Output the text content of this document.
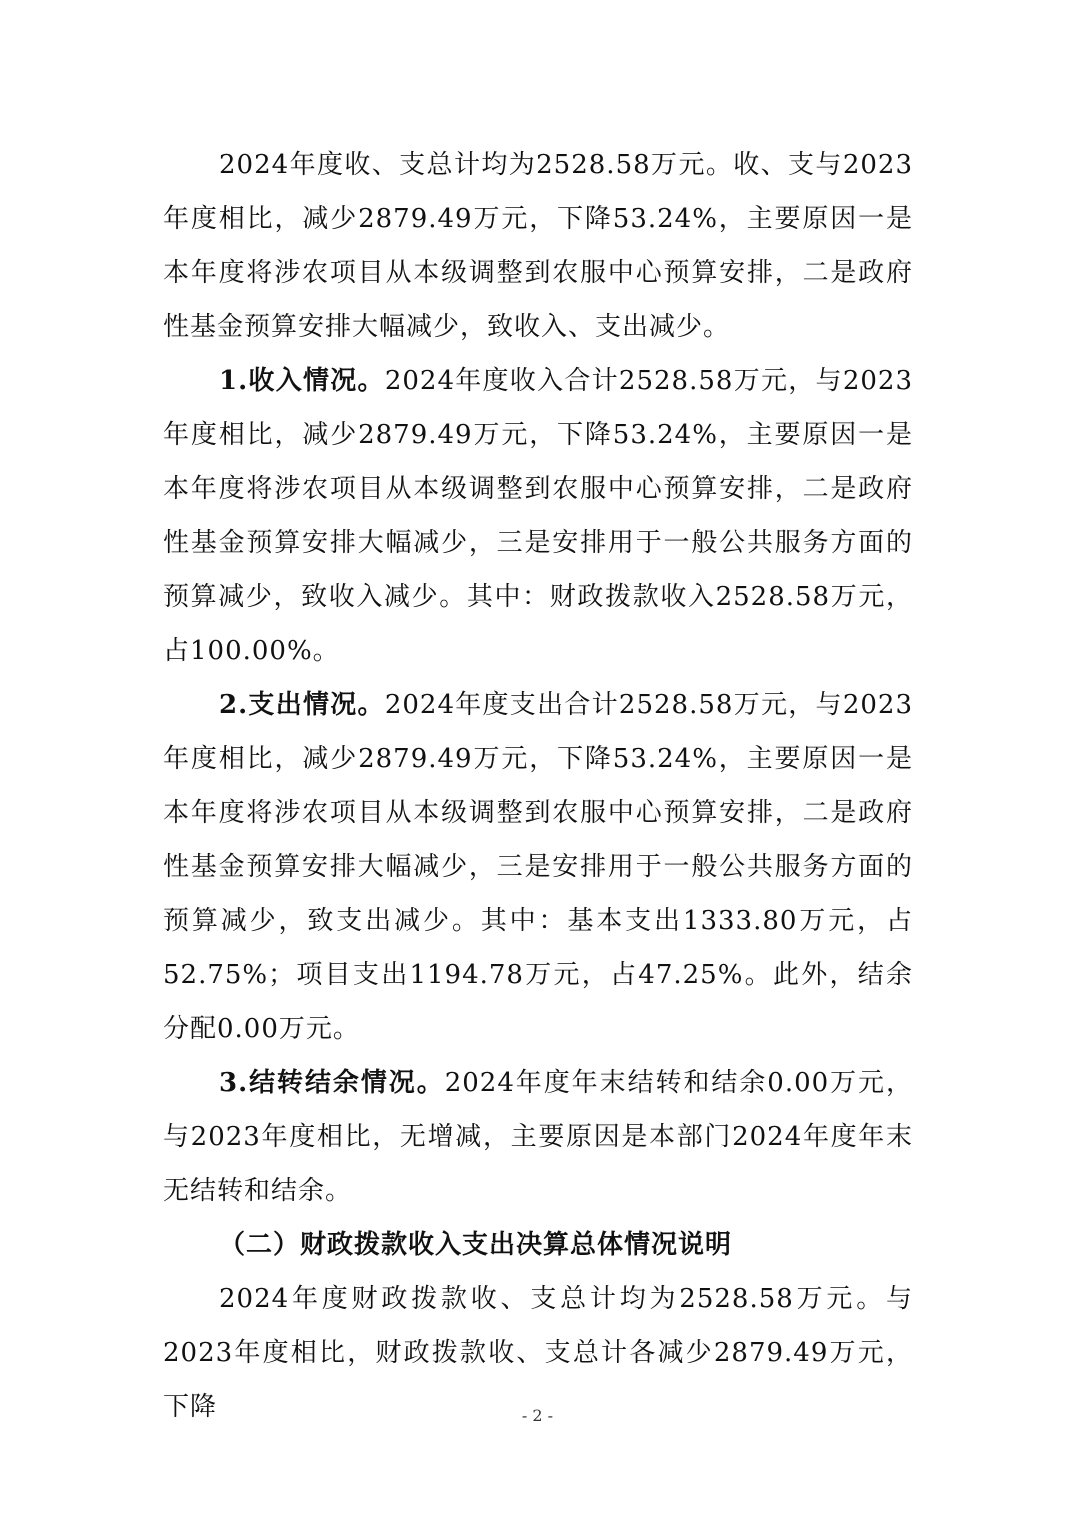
2024年度收、支总计均为2528.58万元。收、支与2023年度相比，减少2879.49万元，下降53.24%，主要原因一是本年度将涉农项目从本级调整到农服中心预算安排，二是政府性基金预算安排大幅减少，致收入、支出减少。

1.收入情况。2024年度收入合计2528.58万元，与2023年度相比，减少2879.49万元，下降53.24%，主要原因一是本年度将涉农项目从本级调整到农服中心预算安排，二是政府性基金预算安排大幅减少，三是安排用于一般公共服务方面的预算减少，致收入减少。其中：财政拨款收入2528.58万元，占100.00%。

2.支出情况。2024年度支出合计2528.58万元，与2023年度相比，减少2879.49万元，下降53.24%，主要原因一是本年度将涉农项目从本级调整到农服中心预算安排，二是政府性基金预算安排大幅减少，三是安排用于一般公共服务方面的预算减少，致支出减少。其中：基本支出1333.80万元，占52.75%；项目支出1194.78万元，占47.25%。此外，结余分配0.00万元。

3.结转结余情况。2024年度年末结转和结余0.00万元，与2023年度相比，无增减，主要原因是本部门2024年度年末无结转和结余。

（二）财政拨款收入支出决算总体情况说明

2024年度财政拨款收、支总计均为2528.58万元。与2023年度相比，财政拨款收、支总计各减少2879.49万元，下降	- 2 -
